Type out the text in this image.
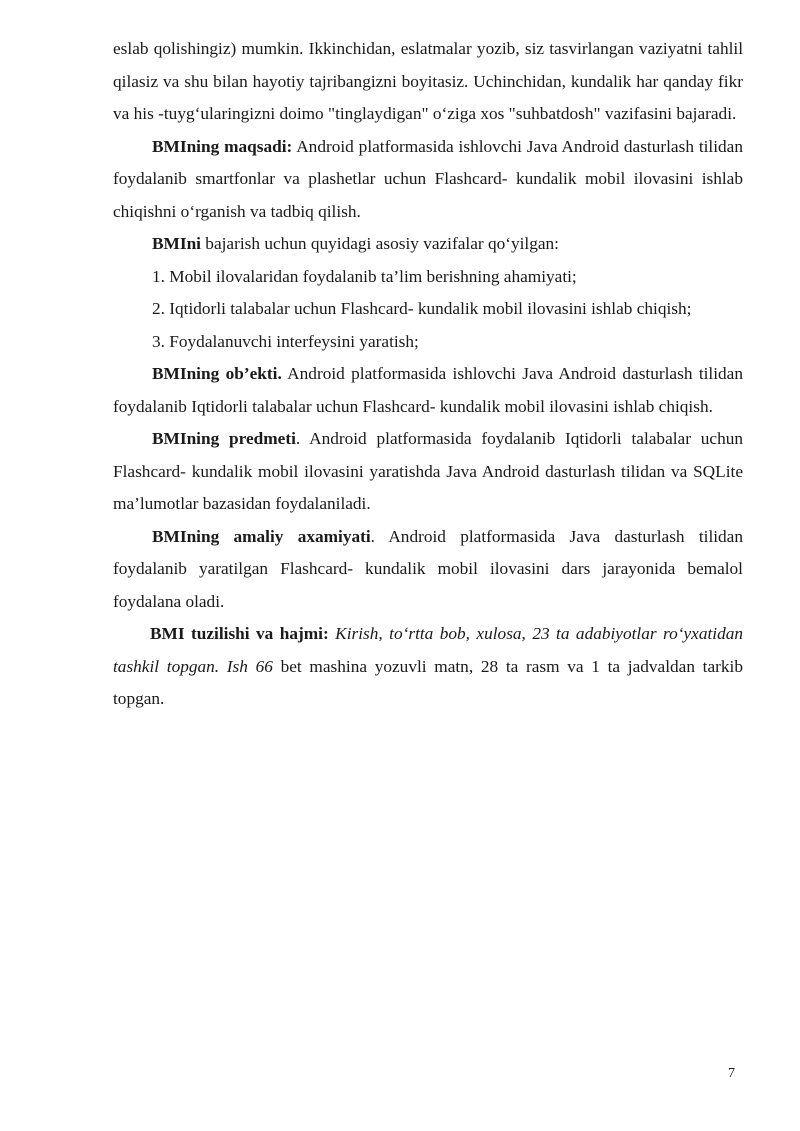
eslab qolishingiz) mumkin. Ikkinchidan, eslatmalar yozib, siz tasvirlangan vaziyatni tahlil qilasiz va shu bilan hayotiy tajribangizni boyitasiz. Uchinchidan, kundalik har qanday fikr va his -tuyg‘ularingizni doimo "tinglaydigan" o‘ziga xos "suhbatdosh" vazifasini bajaradi.

BMIning maqsadi: Android platformasida ishlovchi Java Android dasturlash tilidan foydalanib smartfonlar va plashetlar uchun Flashcard- kundalik mobil ilovasini ishlab chiqishni o‘rganish va tadbiq qilish.

BMIni bajarish uchun quyidagi asosiy vazifalar qo‘yilgan:

1. Mobil ilovalaridan foydalanib ta’lim berishning ahamiyati;

2. Iqtidorli talabalar uchun Flashcard- kundalik mobil ilovasini ishlab chiqish;

3. Foydalanuvchi interfeysini yaratish;

BMIning ob’ekti. Android platformasida ishlovchi Java Android dasturlash tilidan foydalanib Iqtidorli talabalar uchun Flashcard- kundalik mobil ilovasini ishlab chiqish.

BMIning predmeti. Android platformasida foydalanib Iqtidorli talabalar uchun Flashcard- kundalik mobil ilovasini yaratishda Java Android dasturlash tilidan va SQLite ma’lumotlar bazasidan foydalaniladi.

BMIning amaliy axamiyati. Android platformasida Java dasturlash tilidan foydalanib yaratilgan Flashcard- kundalik mobil ilovasini dars jarayonida bemalol foydalana oladi.

BMI tuzilishi va hajmi: Kirish, to‘rtta bob, xulosa, 23 ta adabiyotlar ro‘yxatidan tashkil topgan. Ish 66 bet mashina yozuvli matn, 28 ta rasm va 1 ta jadvaldan tarkib topgan.

7
